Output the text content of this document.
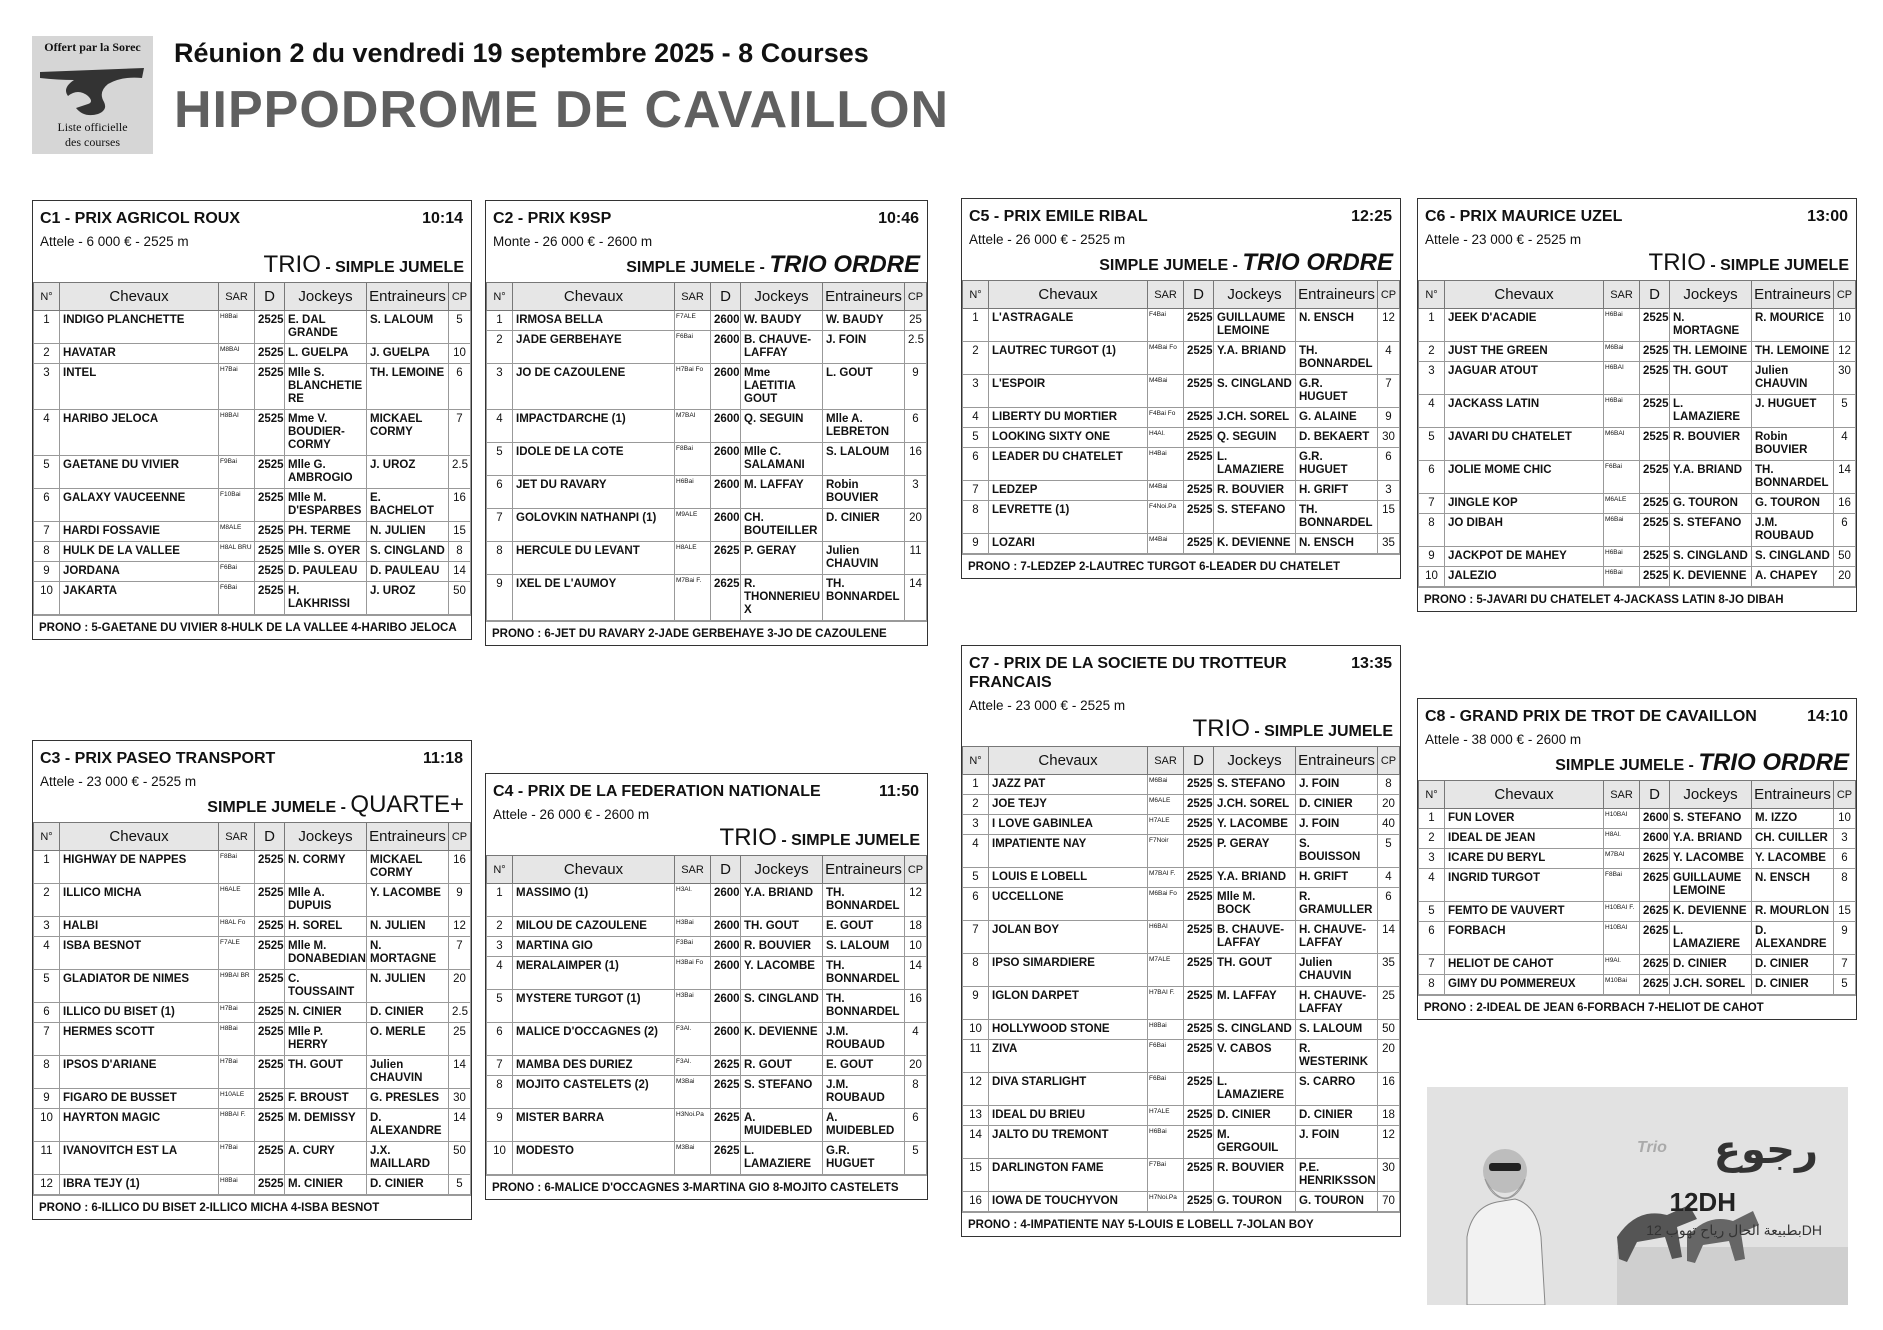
Offert par la Sorec
Liste officielle
des courses
Réunion 2 du vendredi 19 septembre 2025 - 8 Courses
HIPPODROME DE CAVAILLON
C1 - PRIX AGRICOL ROUX	10:14
Attele - 6 000 € - 2525 m
TRIO - SIMPLE JUMELE
N°	Chevaux	SAR	D	Jockeys	Entraineurs	CP
1	INDIGO PLANCHETTE	H8Bai	2525	E. DAL GRANDE	S. LALOUM	5
2	HAVATAR	M8BAI	2525	L. GUELPA	J. GUELPA	10
3	INTEL	H7Bai	2525	Mlle S. BLANCHETIE RE	TH. LEMOINE	6
4	HARIBO JELOCA	H8BAI	2525	Mme V. BOUDIER-CORMY	MICKAEL CORMY	7
5	GAETANE DU VIVIER	F9Bai	2525	Mlle G. AMBROGIO	J. UROZ	2.5
6	GALAXY VAUCEENNE	F10Bai	2525	Mlle M. D'ESPARBES	E. BACHELOT	16
7	HARDI FOSSAVIE	M8ALE	2525	PH. TERME	N. JULIEN	15
8	HULK DE LA VALLEE	H8AL BRU	2525	Mlle S. OYER	S. CINGLAND	8
9	JORDANA	F6Bai	2525	D. PAULEAU	D. PAULEAU	14
10	JAKARTA	F6Bai	2525	H. LAKHRISSI	J. UROZ	50
PRONO : 5-GAETANE DU VIVIER 8-HULK DE LA VALLEE 4-HARIBO JELOCA
C2 - PRIX K9SP	10:46
Monte - 26 000 € - 2600 m
SIMPLE JUMELE - TRIO ORDRE
N°	Chevaux	SAR	D	Jockeys	Entraineurs	CP
1	IRMOSA BELLA	F7ALE	2600	W. BAUDY	W. BAUDY	25
2	JADE GERBEHAYE	F6Bai	2600	B. CHAUVE-LAFFAY	J. FOIN	2.5
3	JO DE CAZOULENE	H7Bai Fo	2600	Mme LAETITIA GOUT	L. GOUT	9
4	IMPACTDARCHE (1)	M7BAI	2600	Q. SEGUIN	Mlle A. LEBRETON	6
5	IDOLE DE LA COTE	F8Bai	2600	Mlle C. SALAMANI	S. LALOUM	16
6	JET DU RAVARY	H6Bai	2600	M. LAFFAY	Robin BOUVIER	3
7	GOLOVKIN NATHANPI (1)	M9ALE	2600	CH. BOUTEILLER	D. CINIER	20
8	HERCULE DU LEVANT	H8ALE	2625	P. GERAY	Julien CHAUVIN	11
9	IXEL DE L'AUMOY	M7Bai F.	2625	R. THONNERIEU X	TH. BONNARDEL	14
PRONO : 6-JET DU RAVARY 2-JADE GERBEHAYE 3-JO DE CAZOULENE
C3 - PRIX PASEO TRANSPORT	11:18
Attele - 23 000 € - 2525 m
SIMPLE JUMELE - QUARTE+
N°	Chevaux	SAR	D	Jockeys	Entraineurs	CP
1	HIGHWAY DE NAPPES	F8Bai	2525	N. CORMY	MICKAEL CORMY	16
2	ILLICO MICHA	H6ALE	2525	Mlle A. DUPUIS	Y. LACOMBE	9
3	HALBI	H8AL Fo	2525	H. SOREL	N. JULIEN	12
4	ISBA BESNOT	F7ALE	2525	Mlle M. DONABEDIAN	N. MORTAGNE	7
5	GLADIATOR DE NIMES	H9BAI BR	2525	C. TOUSSAINT	N. JULIEN	20
6	ILLICO DU BISET (1)	H7Bai	2525	N. CINIER	D. CINIER	2.5
7	HERMES SCOTT	H8Bai	2525	Mlle P. HERRY	O. MERLE	25
8	IPSOS D'ARIANE	H7Bai	2525	TH. GOUT	Julien CHAUVIN	14
9	FIGARO DE BUSSET	H10ALE	2525	F. BROUST	G. PRESLES	30
10	HAYRTON MAGIC	H8BAI F.	2525	M. DEMISSY	D. ALEXANDRE	14
11	IVANOVITCH EST LA	H7Bai	2525	A. CURY	J.X. MAILLARD	50
12	IBRA TEJY (1)	H8Bai	2525	M. CINIER	D. CINIER	5
PRONO : 6-ILLICO DU BISET 2-ILLICO MICHA 4-ISBA BESNOT
C4 - PRIX DE LA FEDERATION NATIONALE	11:50
Attele - 26 000 € - 2600 m
TRIO - SIMPLE JUMELE
N°	Chevaux	SAR	D	Jockeys	Entraineurs	CP
1	MASSIMO (1)	H3Al.	2600	Y.A. BRIAND	TH. BONNARDEL	12
2	MILOU DE CAZOULENE	H3Bai	2600	TH. GOUT	E. GOUT	18
3	MARTINA GIO	F3Bai	2600	R. BOUVIER	S. LALOUM	10
4	MERALAIMPER (1)	H3Bai Fo	2600	Y. LACOMBE	TH. BONNARDEL	14
5	MYSTERE TURGOT (1)	H3Bai	2600	S. CINGLAND	TH. BONNARDEL	16
6	MALICE D'OCCAGNES (2)	F3Al.	2600	K. DEVIENNE	J.M. ROUBAUD	4
7	MAMBA DES DURIEZ	F3Al.	2625	R. GOUT	E. GOUT	20
8	MOJITO CASTELETS (2)	M3Bai	2625	S. STEFANO	J.M. ROUBAUD	8
9	MISTER BARRA	H3Noi.Pa	2625	A. MUIDEBLED	A. MUIDEBLED	6
10	MODESTO	M3Bai	2625	L. LAMAZIERE	G.R. HUGUET	5
PRONO : 6-MALICE D'OCCAGNES 3-MARTINA GIO 8-MOJITO CASTELETS
C5 - PRIX EMILE RIBAL	12:25
Attele - 26 000 € - 2525 m
SIMPLE JUMELE - TRIO ORDRE
N°	Chevaux	SAR	D	Jockeys	Entraineurs	CP
1	L'ASTRAGALE	F4Bai	2525	GUILLAUME LEMOINE	N. ENSCH	12
2	LAUTREC TURGOT (1)	M4Bai Fo	2525	Y.A. BRIAND	TH. BONNARDEL	4
3	L'ESPOIR	M4Bai	2525	S. CINGLAND	G.R. HUGUET	7
4	LIBERTY DU MORTIER	F4Bai Fo	2525	J.CH. SOREL	G. ALAINE	9
5	LOOKING SIXTY ONE	H4Al.	2525	Q. SEGUIN	D. BEKAERT	30
6	LEADER DU CHATELET	H4Bai	2525	L. LAMAZIERE	G.R. HUGUET	6
7	LEDZEP	M4Bai	2525	R. BOUVIER	H. GRIFT	3
8	LEVRETTE (1)	F4Noi.Pa	2525	S. STEFANO	TH. BONNARDEL	15
9	LOZARI	M4Bai	2525	K. DEVIENNE	N. ENSCH	35
PRONO : 7-LEDZEP 2-LAUTREC TURGOT 6-LEADER DU CHATELET
C6 - PRIX MAURICE UZEL	13:00
Attele - 23 000 € - 2525 m
TRIO - SIMPLE JUMELE
N°	Chevaux	SAR	D	Jockeys	Entraineurs	CP
1	JEEK D'ACADIE	H6Bai	2525	N. MORTAGNE	R. MOURICE	10
2	JUST THE GREEN	M6Bai	2525	TH. LEMOINE	TH. LEMOINE	12
3	JAGUAR ATOUT	H6BAI	2525	TH. GOUT	Julien CHAUVIN	30
4	JACKASS LATIN	H6Bai	2525	L. LAMAZIERE	J. HUGUET	5
5	JAVARI DU CHATELET	M6BAI	2525	R. BOUVIER	Robin BOUVIER	4
6	JOLIE MOME CHIC	F6Bai	2525	Y.A. BRIAND	TH. BONNARDEL	14
7	JINGLE KOP	M6ALE	2525	G. TOURON	G. TOURON	16
8	JO DIBAH	M6Bai	2525	S. STEFANO	J.M. ROUBAUD	6
9	JACKPOT DE MAHEY	H6Bai	2525	S. CINGLAND	S. CINGLAND	50
10	JALEZIO	H6Bai	2525	K. DEVIENNE	A. CHAPEY	20
PRONO : 5-JAVARI DU CHATELET 4-JACKASS LATIN 8-JO DIBAH
C7 - PRIX DE LA SOCIETE DU TROTTEUR FRANCAIS
13:35
Attele - 23 000 € - 2525 m
TRIO - SIMPLE JUMELE
N°	Chevaux	SAR	D	Jockeys	Entraineurs	CP
1	JAZZ PAT	M6Bai	2525	S. STEFANO	J. FOIN	8
2	JOE TEJY	M6ALE	2525	J.CH. SOREL	D. CINIER	20
3	I LOVE GABINLEA	H7ALE	2525	Y. LACOMBE	J. FOIN	40
4	IMPATIENTE NAY	F7Noir	2525	P. GERAY	S. BOUISSON	5
5	LOUIS E LOBELL	M7BAI F.	2525	Y.A. BRIAND	H. GRIFT	4
6	UCCELLONE	M6Bai Fo	2525	Mlle M. BOCK	R. GRAMULLER	6
7	JOLAN BOY	H6BAI	2525	B. CHAUVE-LAFFAY	H. CHAUVE-LAFFAY	14
8	IPSO SIMARDIERE	M7ALE	2525	TH. GOUT	Julien CHAUVIN	35
9	IGLON DARPET	H7BAI F.	2525	M. LAFFAY	H. CHAUVE-LAFFAY	25
10	HOLLYWOOD STONE	H8Bai	2525	S. CINGLAND	S. LALOUM	50
11	ZIVA	F6Bai	2525	V. CABOS	R. WESTERINK	20
12	DIVA STARLIGHT	F6Bai	2525	L. LAMAZIERE	S. CARRO	16
13	IDEAL DU BRIEU	H7ALE	2525	D. CINIER	D. CINIER	18
14	JALTO DU TREMONT	H6Bai	2525	M. GERGOUIL	J. FOIN	12
15	DARLINGTON FAME	F7Bai	2525	R. BOUVIER	P.E. HENRIKSSON	30
16	IOWA DE TOUCHYVON	H7Noi.Pa	2525	G. TOURON	G. TOURON	70
PRONO : 4-IMPATIENTE NAY 5-LOUIS E LOBELL 7-JOLAN BOY
C8 - GRAND PRIX DE TROT DE CAVAILLON	14:10
Attele - 38 000 € - 2600 m
SIMPLE JUMELE - TRIO ORDRE
N°	Chevaux	SAR	D	Jockeys	Entraineurs	CP
1	FUN LOVER	H10BAI	2600	S. STEFANO	M. IZZO	10
2	IDEAL DE JEAN	H8Al.	2600	Y.A. BRIAND	CH. CUILLER	3
3	ICARE DU BERYL	M7BAI	2625	Y. LACOMBE	Y. LACOMBE	6
4	INGRID TURGOT	F8Bai	2625	GUILLAUME LEMOINE	N. ENSCH	8
5	FEMTO DE VAUVERT	H10BAI F.	2625	K. DEVIENNE	R. MOURLON	15
6	FORBACH	H10BAI	2625	L. LAMAZIERE	D. ALEXANDRE	9
7	HELIOT DE CAHOT	H9Al.	2625	D. CINIER	D. CINIER	7
8	GIMY DU POMMEREUX	M10Bai	2625	J.CH. SOREL	D. CINIER	5
PRONO : 2-IDEAL DE JEAN 6-FORBACH 7-HELIOT DE CAHOT
Trio رجوع
12DH
بطبيعة الحال رياح تهوب 12DH
